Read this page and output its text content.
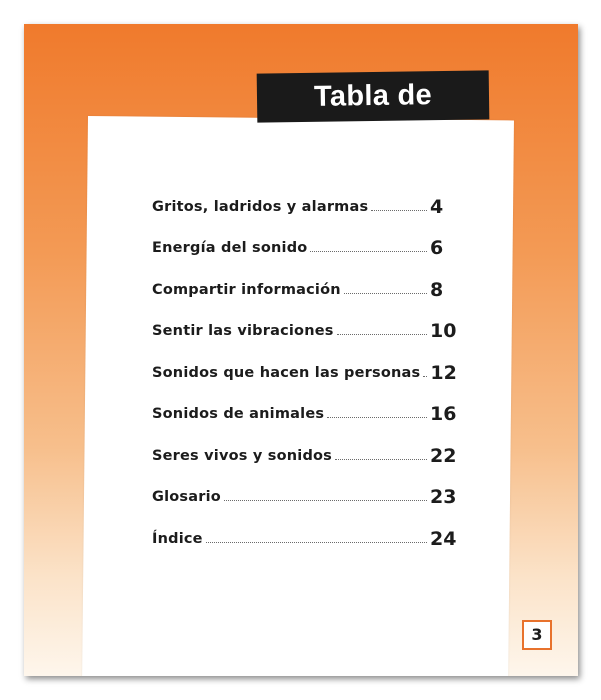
Tabla de contenido
Gritos, ladridos y alarmas	4
Energía del sonido	6
Compartir información	8
Sentir las vibraciones	10
Sonidos que hacen las personas 12
Sonidos de animales	16
Seres vivos y sonidos	22
Glosario	23
Índice	24
3
